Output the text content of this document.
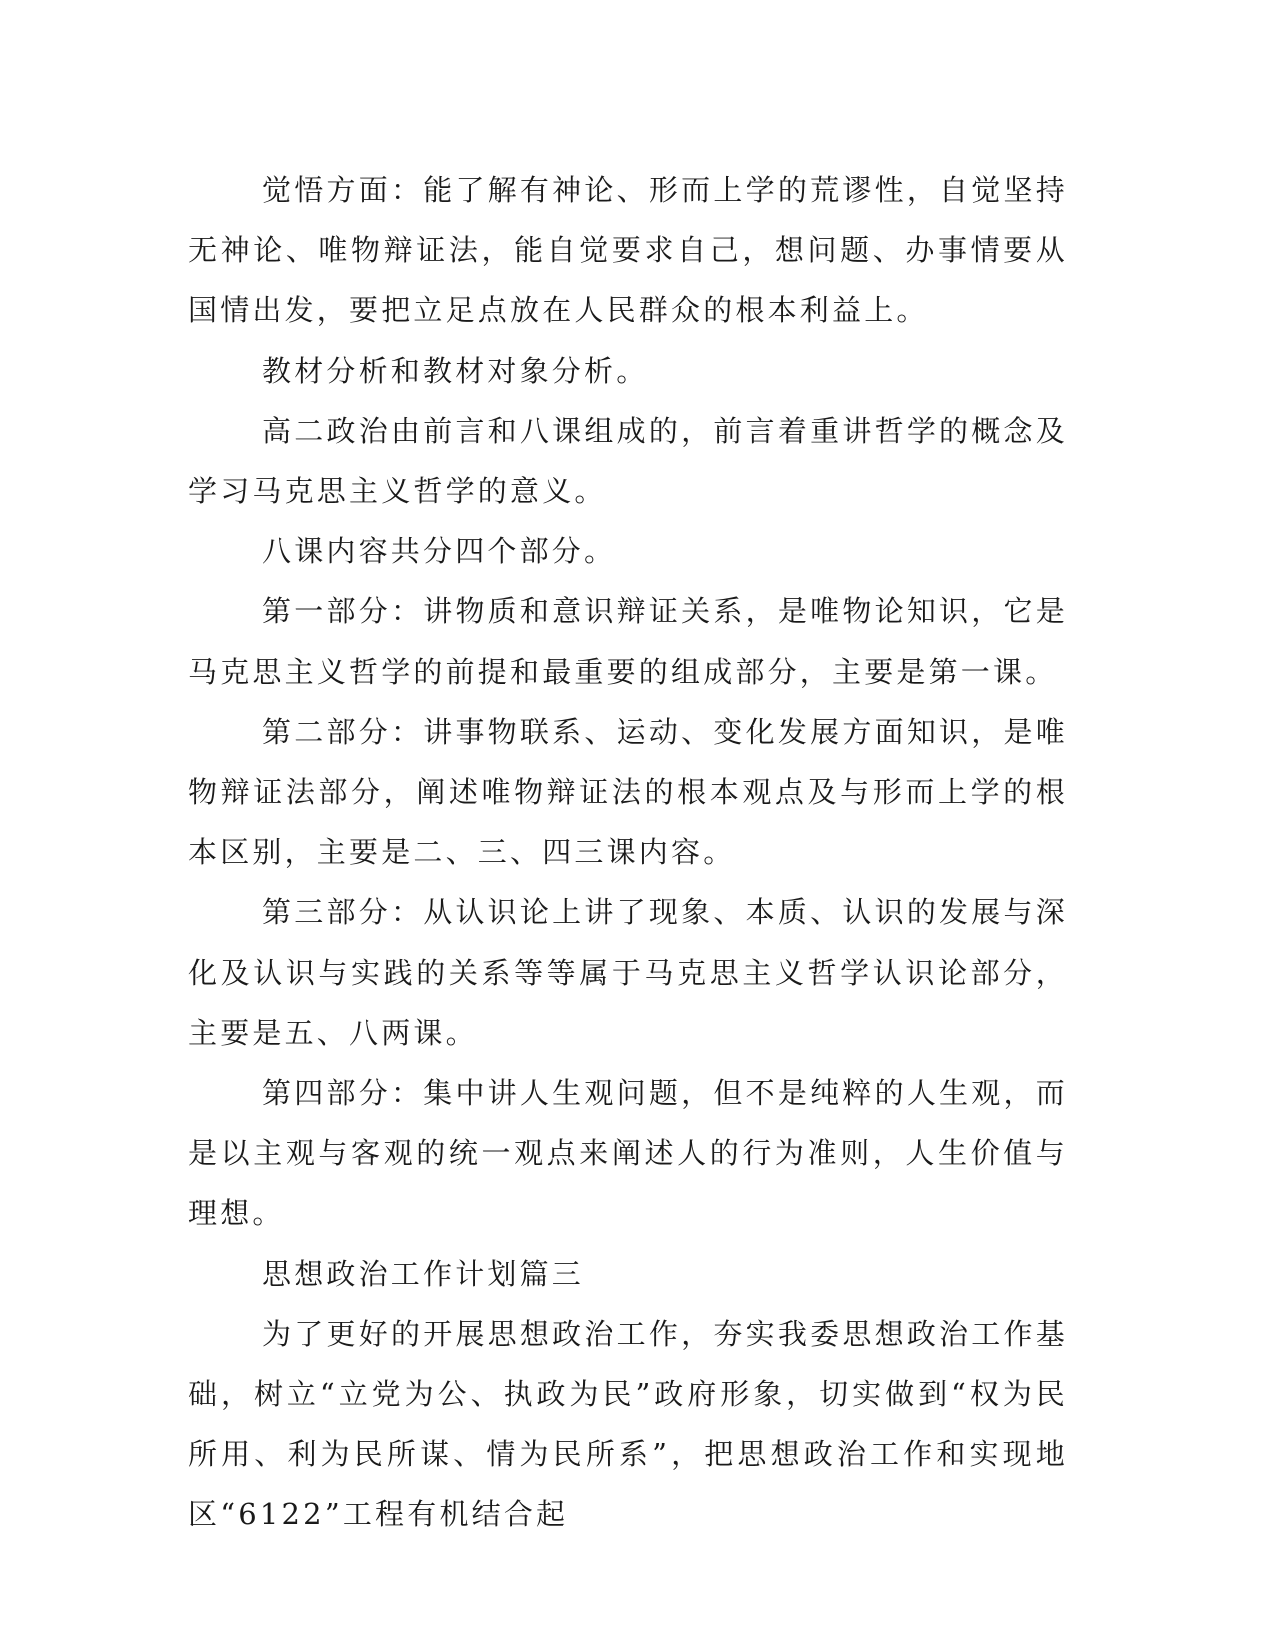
觉悟方面：能了解有神论、形而上学的荒谬性，自觉坚持无神论、唯物辩证法，能自觉要求自己，想问题、办事情要从国情出发，要把立足点放在人民群众的根本利益上。

教材分析和教材对象分析。

高二政治由前言和八课组成的，前言着重讲哲学的概念及学习马克思主义哲学的意义。

八课内容共分四个部分。

第一部分：讲物质和意识辩证关系，是唯物论知识，它是马克思主义哲学的前提和最重要的组成部分，主要是第一课。

第二部分：讲事物联系、运动、变化发展方面知识，是唯物辩证法部分，阐述唯物辩证法的根本观点及与形而上学的根本区别，主要是二、三、四三课内容。

第三部分：从认识论上讲了现象、本质、认识的发展与深化及认识与实践的关系等等属于马克思主义哲学认识论部分，主要是五、八两课。

第四部分：集中讲人生观问题，但不是纯粹的人生观，而是以主观与客观的统一观点来阐述人的行为准则，人生价值与理想。

思想政治工作计划篇三

为了更好的开展思想政治工作，夯实我委思想政治工作基础，树立“立党为公、执政为民”政府形象，切实做到“权为民所用、利为民所谋、情为民所系”，把思想政治工作和实现地区“6122”工程有机结合起
